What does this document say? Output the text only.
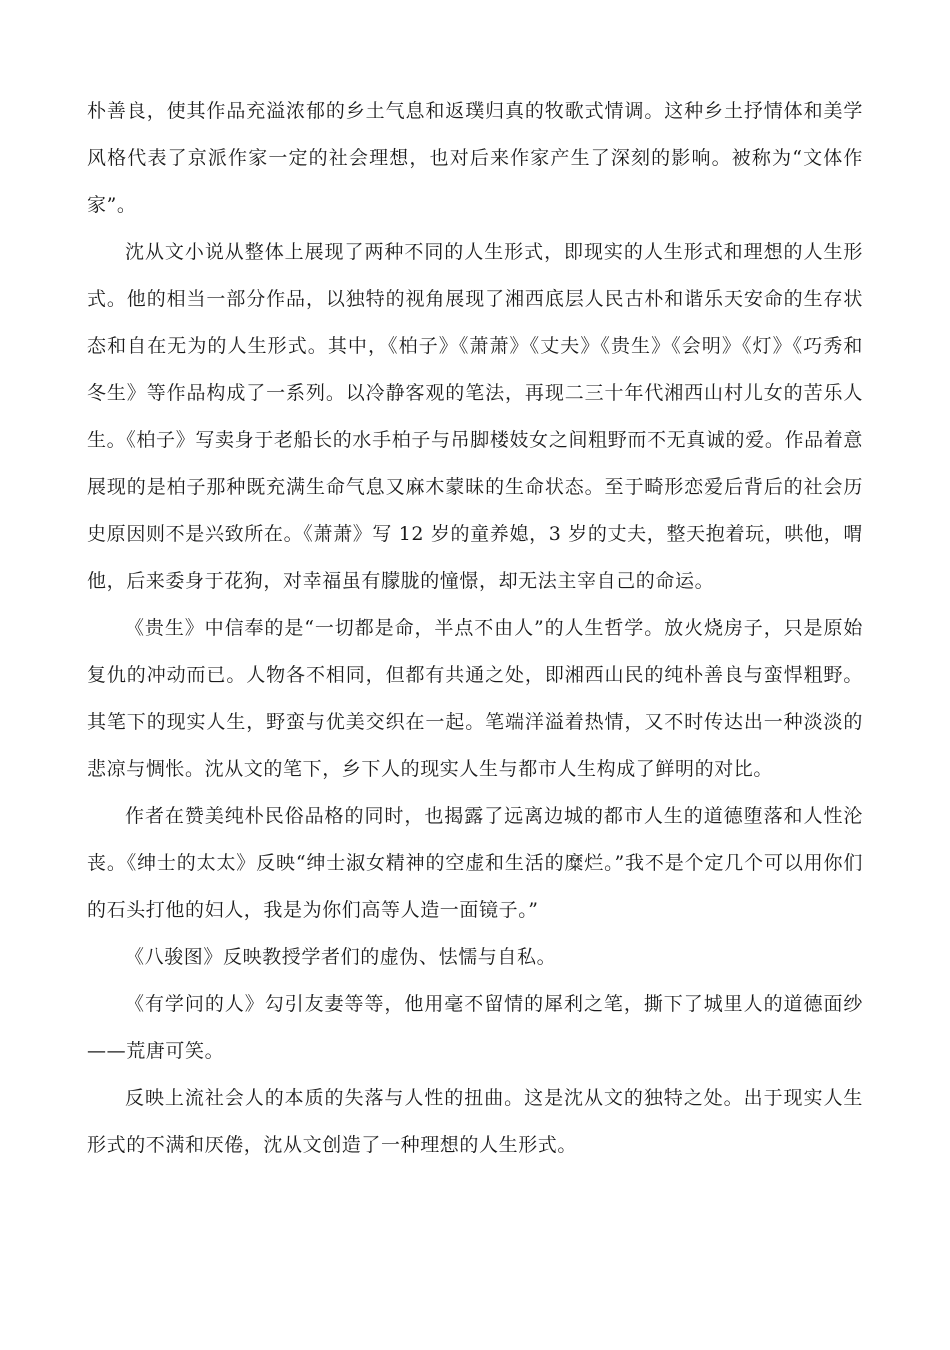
朴善良，使其作品充溢浓郁的乡土气息和返璞归真的牧歌式情调。这种乡土抒情体和美学风格代表了京派作家一定的社会理想，也对后来作家产生了深刻的影响。被称为“文体作家”。

沈从文小说从整体上展现了两种不同的人生形式，即现实的人生形式和理想的人生形式。他的相当一部分作品，以独特的视角展现了湘西底层人民古朴和谐乐天安命的生存状态和自在无为的人生形式。其中，《柏子》《萧萧》《丈夫》《贵生》《会明》《灯》《巧秀和冬生》等作品构成了一系列。以冷静客观的笔法，再现二三十年代湘西山村儿女的苦乐人生。《柏子》写卖身于老船长的水手柏子与吊脚楼妓女之间粗野而不无真诚的爱。作品着意展现的是柏子那种既充满生命气息又麻木蒙昧的生命状态。至于畸形恋爱后背后的社会历史原因则不是兴致所在。《萧萧》写 12 岁的童养媳，3 岁的丈夫，整天抱着玩，哄他，喟他，后来委身于花狗，对幸福虽有朦胧的憧憬，却无法主宰自己的命运。

《贵生》中信奉的是“一切都是命，半点不由人”的人生哲学。放火烧房子，只是原始复仇的冲动而已。人物各不相同，但都有共通之处，即湘西山民的纯朴善良与蛮悍粗野。其笔下的现实人生，野蛮与优美交织在一起。笔端洋溢着热情，又不时传达出一种淡淡的悲凉与惆怅。沈从文的笔下，乡下人的现实人生与都市人生构成了鲜明的对比。

作者在赞美纯朴民俗品格的同时，也揭露了远离边城的都市人生的道德堕落和人性沦丧。《绅士的太太》反映“绅士淑女精神的空虚和生活的糜烂。”我不是个定几个可以用你们的石头打他的妇人，我是为你们高等人造一面镜子。”

《八骏图》反映教授学者们的虚伪、怯懦与自私。

《有学问的人》勾引友妻等等，他用毫不留情的犀利之笔，撕下了城里人的道德面纱——荒唐可笑。

反映上流社会人的本质的失落与人性的扭曲。这是沈从文的独特之处。出于现实人生形式的不满和厌倦，沈从文创造了一种理想的人生形式。
